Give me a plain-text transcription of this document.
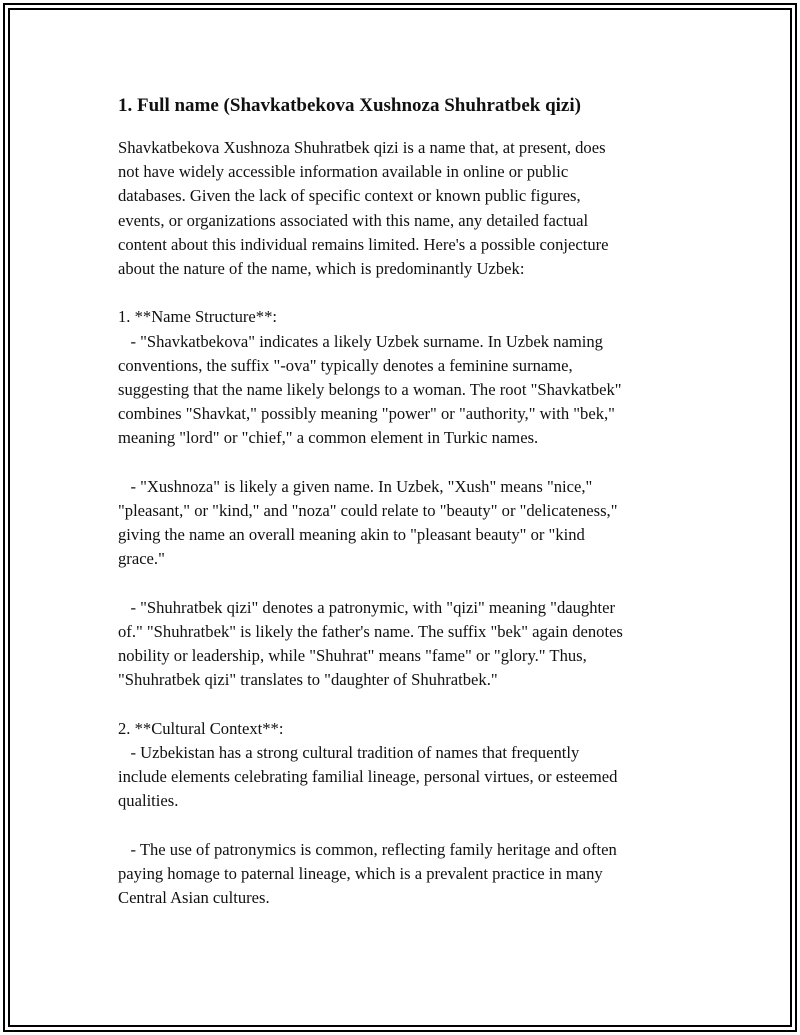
1. Full name (Shavkatbekova Xushnoza Shuhratbek qizi)

Shavkatbekova Xushnoza Shuhratbek qizi is a name that, at present, does
not have widely accessible information available in online or public
databases. Given the lack of specific context or known public figures,
events, or organizations associated with this name, any detailed factual
content about this individual remains limited. Here's a possible conjecture
about the nature of the name, which is predominantly Uzbek:

1. **Name Structure**:
- "Shavkatbekova" indicates a likely Uzbek surname. In Uzbek naming
conventions, the suffix "-ova" typically denotes a feminine surname,
suggesting that the name likely belongs to a woman. The root "Shavkatbek"
combines "Shavkat," possibly meaning "power" or "authority," with "bek,"
meaning "lord" or "chief," a common element in Turkic names.

- "Xushnoza" is likely a given name. In Uzbek, "Xush" means "nice,"
"pleasant," or "kind," and "noza" could relate to "beauty" or "delicateness,"
giving the name an overall meaning akin to "pleasant beauty" or "kind
grace."

- "Shuhratbek qizi" denotes a patronymic, with "qizi" meaning "daughter
of." "Shuhratbek" is likely the father's name. The suffix "bek" again denotes
nobility or leadership, while "Shuhrat" means "fame" or "glory." Thus,
"Shuhratbek qizi" translates to "daughter of Shuhratbek."

2. **Cultural Context**:
- Uzbekistan has a strong cultural tradition of names that frequently
include elements celebrating familial lineage, personal virtues, or esteemed
qualities.

- The use of patronymics is common, reflecting family heritage and often
paying homage to paternal lineage, which is a prevalent practice in many
Central Asian cultures.
